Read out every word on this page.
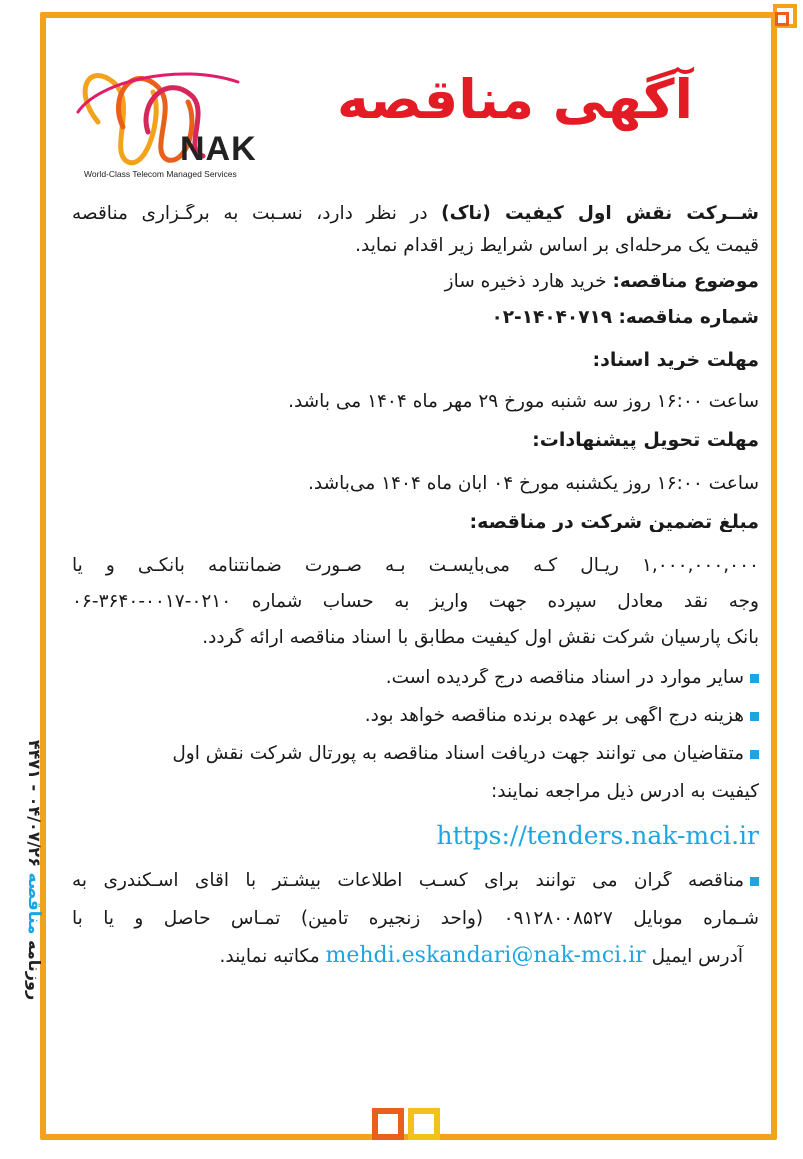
NAK
World-Class Telecom Managed Services
آگهی مناقصه
روزنامه مناقصه ۰۴/۰۷/۲۶ - ۴۴۷۱

شــرکت نقش اول کیفیت (ناک) در نظر دارد، نسـبت به برگـزاری مناقصه

قیمت یک مرحله‌ای بر اساس شرایط زیر اقدام نماید.

موضوع مناقصه: خرید هارد ذخیره ساز

شماره مناقصه: ۱۴۰۴۰۷۱۹-۰۲

مهلت خرید اسناد:

ساعت ۱۶:۰۰ روز سه شنبه مورخ ۲۹ مهر ماه ۱۴۰۴ می باشد.

مهلت تحویل پیشنهادات:

ساعت ۱۶:۰۰ روز یکشنبه مورخ ۰۴ آبان ماه ۱۴۰۴ می‌باشد.

مبلغ تضمین شرکت در مناقصه:

۱,۰۰۰,۰۰۰,۰۰۰ ریـال کـه می‌بایسـت بـه صـورت ضمانتنامه بانکـی و یا

وجه نقد معادل سپرده جهت واریز به حساب شماره ۰۲۱۰-۰۰۱۷-۳۶۴۰-۰۶

بانک پارسیان شرکت نقش اول کیفیت مطابق با اسناد مناقصه ارائه گردد.

سایر موارد در اسناد مناقصه درج گردیده است.

هزینه درج آگهی بر عهده برنده مناقصه خواهد بود.

متقاضیان می توانند جهت دریافت اسناد مناقصه به پورتال شرکت نقش اول

کیفیت به آدرس ذیل مراجعه نمایند:

https://tenders.nak-mci.ir

مناقصه گران می توانند برای کسـب اطلاعات بیشـتر با آقای اسـکندری به

شـماره موبایل ۰۹۱۲۸۰۰۸۵۲۷ (واحد زنجیره تامین) تمـاس حاصل و یا با

آدرس ایمیل mehdi.eskandari@nak-mci.ir مکاتبه نمایند.
